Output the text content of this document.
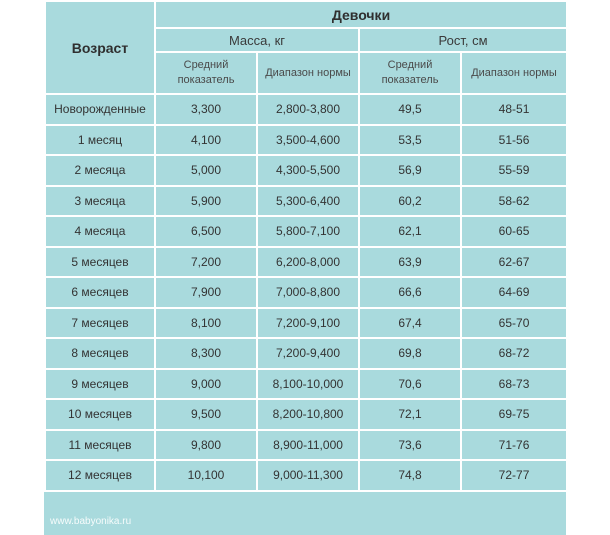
Возраст	Девочки			
	Масса, кг		Рост, см	
	Средний показатель	Диапазон нормы	Средний показатель	Диапазон нормы
Новорожденные	3,300	2,800-3,800	49,5	48-51
1 месяц	4,100	3,500-4,600	53,5	51-56
2 месяца	5,000	4,300-5,500	56,9	55-59
3 месяца	5,900	5,300-6,400	60,2	58-62
4 месяца	6,500	5,800-7,100	62,1	60-65
5 месяцев	7,200	6,200-8,000	63,9	62-67
6 месяцев	7,900	7,000-8,800	66,6	64-69
7 месяцев	8,100	7,200-9,100	67,4	65-70
8 месяцев	8,300	7,200-9,400	69,8	68-72
9 месяцев	9,000	8,100-10,000	70,6	68-73
10 месяцев	9,500	8,200-10,800	72,1	69-75
11 месяцев	9,800	8,900-11,000	73,6	71-76
12 месяцев	10,100	9,000-11,300	74,8	72-77
www.babyonika.ru
